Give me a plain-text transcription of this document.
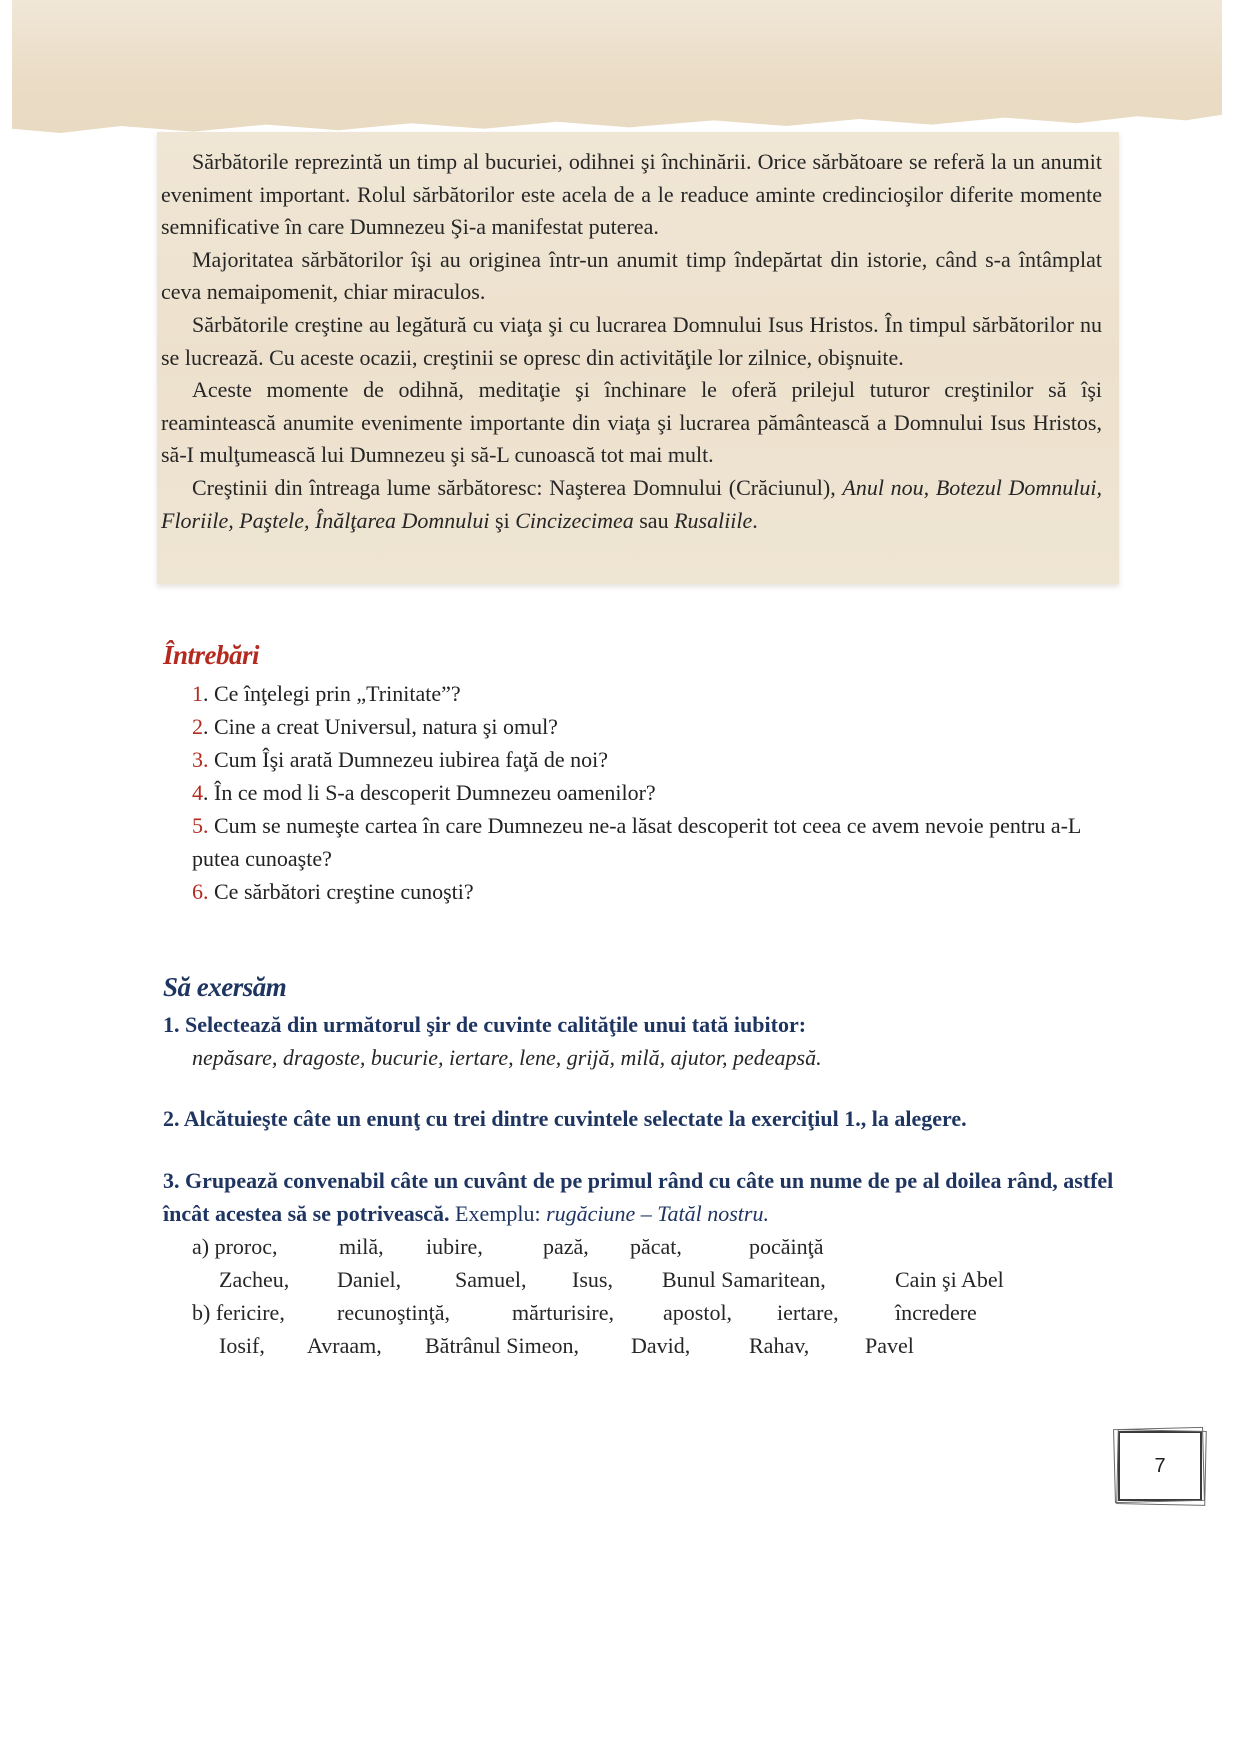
Sărbătorile reprezintă un timp al bucuriei, odihnei şi închinării. Orice sărbătoare se referă la un anumit eveniment important. Rolul sărbătorilor este acela de a le readuce aminte credincioşilor diferite momente semnificative în care Dumnezeu Şi-a manifestat puterea.

Majoritatea sărbătorilor îşi au originea într-un anumit timp îndepărtat din istorie, când s-a întâmplat ceva nemaipomenit, chiar miraculos.

Sărbătorile creştine au legătură cu viaţa şi cu lucrarea Domnului Isus Hristos. În timpul sărbătorilor nu se lucrează. Cu aceste ocazii, creştinii se opresc din activităţile lor zilnice, obişnuite.

Aceste momente de odihnă, meditaţie şi închinare le oferă prilejul tuturor creştinilor să îşi reamintească anumite evenimente importante din viaţa şi lucrarea pământească a Domnului Isus Hristos, să-I mulţumească lui Dumnezeu şi să-L cunoască tot mai mult.

Creştinii din întreaga lume sărbătoresc: Naşterea Domnului (Crăciunul), Anul nou, Botezul Domnului, Floriile, Paştele, Înălţarea Domnului şi Cincizecimea sau Rusaliile.

Întrebări
1. Ce înţelegi prin „Trinitate”?
2. Cine a creat Universul, natura şi omul?
3. Cum Îşi arată Dumnezeu iubirea faţă de noi?
4. În ce mod li S-a descoperit Dumnezeu oamenilor?
5. Cum se numeşte cartea în care Dumnezeu ne-a lăsat descoperit tot ceea ce avem nevoie pentru a-L putea cunoaşte?
6. Ce sărbători creştine cunoşti?
Să exersăm
1. Selectează din următorul şir de cuvinte calităţile unui tată iubitor:
nepăsare, dragoste, bucurie, iertare, lene, grijă, milă, ajutor, pedeapsă.
2. Alcătuieşte câte un enunţ cu trei dintre cuvintele selectate la exerciţiul 1., la alegere.
3. Grupează convenabil câte un cuvânt de pe primul rând cu câte un nume de pe al doilea rând, astfel încât acestea să se potrivească. Exemplu: rugăciune – Tatăl nostru.
a) proroc,	milă, iubire,	pază, păcat,	pocăinţă
Zacheu, Daniel, Samuel, Isus, Bunul Samaritean,	Cain şi Abel
b) fericire, recunoştinţă,	mărturisire, apostol, iertare,	încredere
Iosif, Avraam, Bătrânul Simeon, David,	Rahav,	Pavel
7
